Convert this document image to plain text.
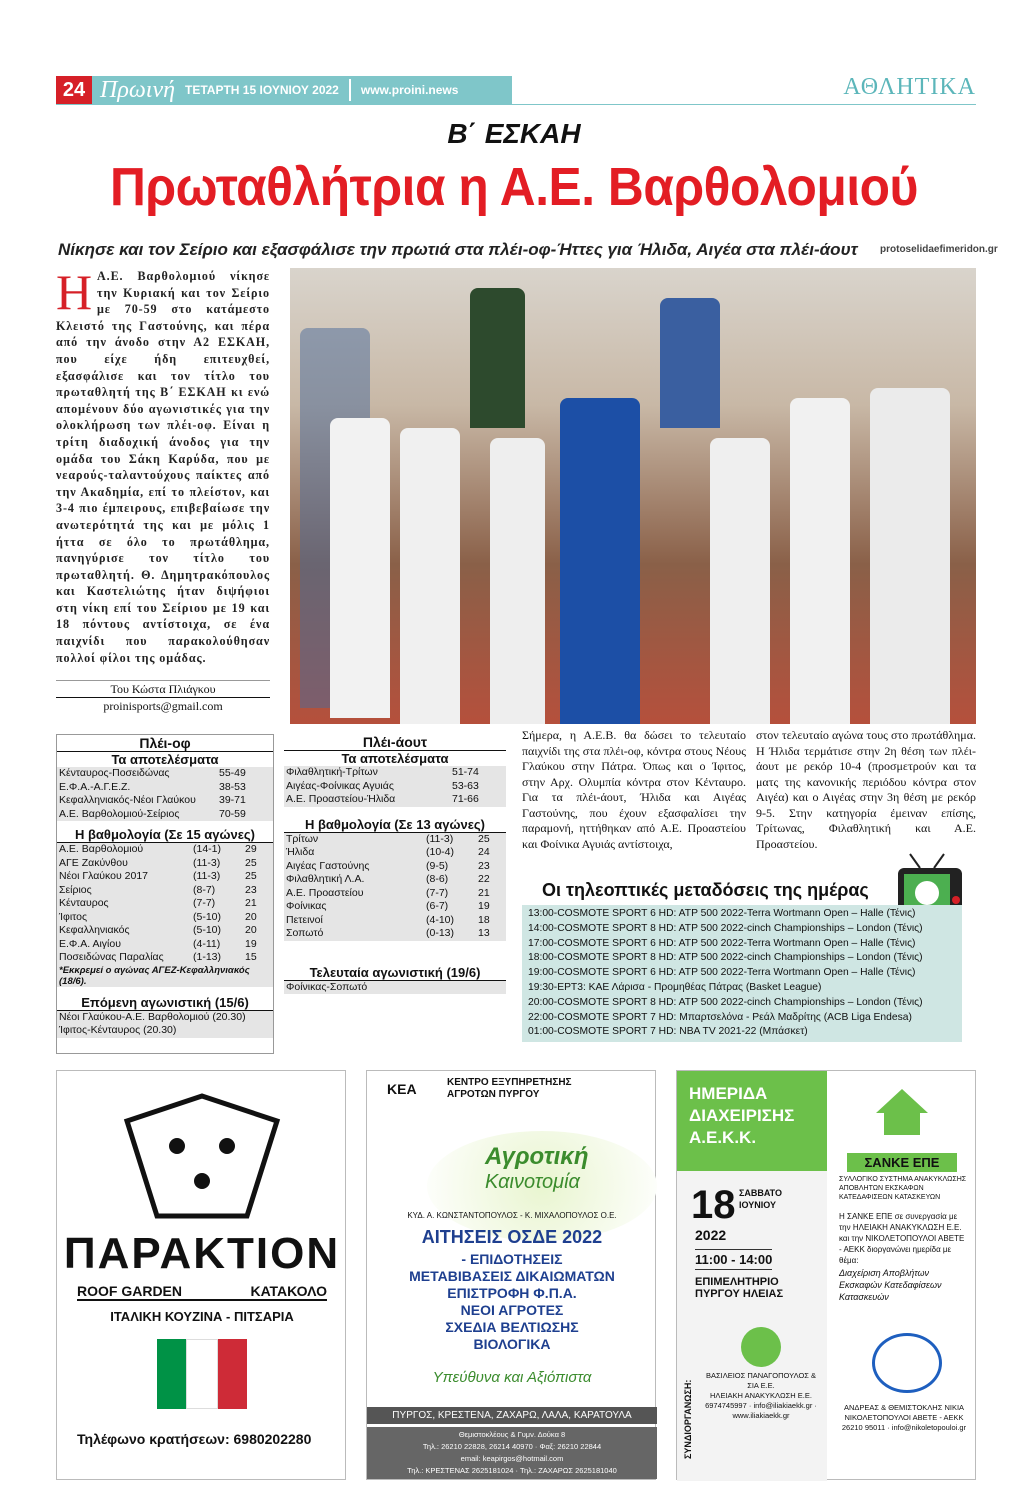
24 Πρωινή ΤΕΤΑΡΤΗ 15 ΙΟΥΝΙΟΥ 2022 www.proini.news	ΑΘΛΗΤΙΚΑ
Β΄ ΕΣΚΑΗ
Πρωταθλήτρια η Α.Ε. Βαρθολομιού
Νίκησε και τον Σείριο και εξασφάλισε την πρωτιά στα πλέι-οφ-Ήττες για Ήλιδα, Αιγέα στα πλέι-άουτ	protoselidaefimeridon.gr
Η Α.Ε. Βαρθολομιού νίκησε την Κυριακή και τον Σείριο με 70-59 στο κατάμεστο Κλειστό της Γαστούνης, και πέρα από την άνοδο στην Α2 ΕΣΚΑΗ, που είχε ήδη επιτευχθεί, εξασφάλισε και τον τίτλο του πρωταθλητή της Β΄ ΕΣΚΑΗ κι ενώ απομένουν δύο αγωνιστικές για την ολοκλήρωση των πλέι-οφ. Είναι η τρίτη διαδοχική άνοδος για την ομάδα του Σάκη Καρύδα, που με νεαρούς-ταλαντούχους παίκτες από την Ακαδημία, επί το πλείστον, και 3-4 πιο έμπειρους, επιβεβαίωσε την ανωτερότητά της και με μόλις 1 ήττα σε όλο το πρωτάθλημα, πανηγύρισε τον τίτλο του πρωταθλητή. Θ. Δημητρακόπουλος και Καστελιώτης ήταν διψήφιοι στη νίκη επί του Σείριου με 19 και 18 πόντους αντίστοιχα, σε ένα παιχνίδι που παρακολούθησαν πολλοί φίλοι της ομάδας.
Του Κώστα Πλιάγκου
proinisports@gmail.com
Πλέι-οφ
Τα αποτελέσματα
Κένταυρος-Ποσειδώνας	55-49
Ε.Φ.Α.-Α.Γ.Ε.Ζ.	38-53
Κεφαλληνιακός-Νέοι Γλαύκου	39-71
Α.Ε. Βαρθολομιού-Σείριος	70-59
Η βαθμολογία (Σε 15 αγώνες)
Α.Ε. Βαρθολομιού	(14-1)	29
ΑΓΕ Ζακύνθου	(11-3)	25
Νέοι Γλαύκου 2017	(11-3)	25
Σείριος	(8-7)	23
Κένταυρος	(7-7)	21
Ίφιτος	(5-10)	20
Κεφαλληνιακός	(5-10)	20
Ε.Φ.Α. Αιγίου	(4-11)	19
Ποσειδώνας Παραλίας	(1-13)	15
*Εκκρεμεί ο αγώνας ΑΓΕΖ-Κεφαλληνιακός (18/6).
Επόμενη αγωνιστική (15/6)
Νέοι Γλαύκου-Α.Ε. Βαρθολομιού (20.30)
Ίφιτος-Κένταυρος (20.30)
Πλέι-άουτ
Τα αποτελέσματα
Φιλαθλητική-Τρίτων	51-74
Αιγέας-Φοίνικας Αγυιάς	53-63
Α.Ε. Προαστείου-Ήλιδα	71-66
Η βαθμολογία (Σε 13 αγώνες)
Τρίτων	(11-3)	25
Ήλιδα	(10-4)	24
Αιγέας Γαστούνης	(9-5)	23
Φιλαθλητική Λ.Α.	(8-6)	22
Α.Ε. Προαστείου	(7-7)	21
Φοίνικας	(6-7)	19
Πετεινοί	(4-10)	18
Σοπωτό	(0-13)	13
Τελευταία αγωνιστική (19/6)
Φοίνικας-Σοπωτό
Σήμερα, η Α.Ε.Β. θα δώσει το τελευταίο παιχνίδι της στα πλέι-οφ, κόντρα στους Νέους Γλαύκου στην Πάτρα. Όπως και ο Ίφιτος, στην Αρχ. Ολυμπία κόντρα στον Κένταυρο. Για τα πλέι-άουτ, Ήλιδα και Αιγέας Γαστούνης, που έχουν εξασφαλίσει την παραμονή, ηττήθηκαν από Α.Ε. Προαστείου και Φοίνικα Αγυιάς αντίστοιχα,
στον τελευταίο αγώνα τους στο πρωτάθλημα. Η Ήλιδα τερμάτισε στην 2η θέση των πλέι-άουτ με ρεκόρ 10-4 (προσμετρούν και τα ματς της κανονικής περιόδου κόντρα στον Αιγέα) και ο Αιγέας στην 3η θέση με ρεκόρ 9-5. Στην κατηγορία έμειναν επίσης, Τρίτωνας, Φιλαθλητική και Α.Ε. Προαστείου.
Οι τηλεοπτικές μεταδόσεις της ημέρας
13:00-COSMOTE SPORT 6 HD: ATP 500 2022-Terra Wortmann Open – Halle (Τένις)
14:00-COSMOTE SPORT 8 HD: ATP 500 2022-cinch Championships – London (Τένις)
17:00-COSMOTE SPORT 6 HD: ATP 500 2022-Terra Wortmann Open – Halle (Τένις)
18:00-COSMOTE SPORT 8 HD: ATP 500 2022-cinch Championships – London (Τένις)
19:00-COSMOTE SPORT 6 HD: ATP 500 2022-Terra Wortmann Open – Halle (Τένις)
19:30-ΕΡΤ3: ΚΑΕ Λάρισα - Προμηθέας Πάτρας (Basket League)
20:00-COSMOTE SPORT 8 HD: ATP 500 2022-cinch Championships – London (Τένις)
22:00-COSMOTE SPORT 7 HD: Μπαρτσελόνα - Ρεάλ Μαδρίτης (ACB Liga Endesa)
01:00-COSMOTE SPORT 7 HD: NBA TV 2021-22 (Μπάσκετ)
ΠΑΡΑΚΤΙΟΝ
ROOF GARDEN	ΚΑΤΑΚΟΛΟ
ΙΤΑΛΙΚΗ ΚΟΥΖΙΝΑ - ΠΙΤΣΑΡΙΑ
Τηλέφωνο κρατήσεων: 6980202280
ΚΕΑ	ΚΕΝΤΡΟ ΕΞΥΠΗΡΕΤΗΣΗΣ ΑΓΡΟΤΩΝ ΠΥΡΓΟΥ
Αγροτική
Καινοτομία
ΚΥΔ. Α. ΚΩΝΣΤΑΝΤΟΠΟΥΛΟΣ - Κ. ΜΙΧΑΛΟΠΟΥΛΟΣ Ο.Ε.
ΑΙΤΗΣΕΙΣ ΟΣΔΕ 2022
- ΕΠΙΔΟΤΗΣΕΙΣ
ΜΕΤΑΒΙΒΑΣΕΙΣ ΔΙΚΑΙΩΜΑΤΩΝ
ΕΠΙΣΤΡΟΦΗ Φ.Π.Α.
ΝΕΟΙ ΑΓΡΟΤΕΣ
ΣΧΕΔΙΑ ΒΕΛΤΙΩΣΗΣ
ΒΙΟΛΟΓΙΚΑ
Υπεύθυνα και Αξιόπιστα
ΠΥΡΓΟΣ, ΚΡΕΣΤΕΝΑ, ΖΑΧΑΡΩ, ΛΑΛΑ, ΚΑΡΑΤΟΥΛΑ
Θεμιστοκλέους & Γυμν. Δούκα 8
Τηλ.: 26210 22828, 26214 40970 · Φαξ: 26210 22844
email: keapirgos@hotmail.com
Τηλ.: ΚΡΕΣΤΕΝΑΣ 2625181024 · Τηλ.: ΖΑΧΑΡΩΣ 2625181040
ΗΜΕΡΙΔΑ ΔΙΑΧΕΙΡΙΣΗΣ Α.Ε.Κ.Κ.
18 ΣΑΒΒΑΤΟ
ΙΟΥΝΙΟΥ
2022
11:00 - 14:00
ΕΠΙΜΕΛΗΤΗΡΙΟ ΠΥΡΓΟΥ ΗΛΕΙΑΣ
ΣΥΝΔΙΟΡΓΑΝΩΣΗ:
ΒΑΣΙΛΕΙΟΣ ΠΑΝΑΓΟΠΟΥΛΟΣ & ΣΙΑ Ε.Ε.
ΗΛΕΙΑΚΗ ΑΝΑΚΥΚΛΩΣΗ Ε.Ε.
6974745997 · info@iliakiaekk.gr · www.iliakiaekk.gr
ΣΑΝΚΕ ΕΠΕ
ΣΥΛΛΟΓΙΚΟ ΣΥΣΤΗΜΑ ΑΝΑΚΥΚΛΩΣΗΣ ΑΠΟΒΛΗΤΩΝ ΕΚΣΚΑΦΩΝ ΚΑΤΕΔΑΦΙΣΕΩΝ ΚΑΤΑΣΚΕΥΩΝ
Η ΣΑΝΚΕ ΕΠΕ σε συνεργασία με την ΗΛΕΙΑΚΗ ΑΝΑΚΥΚΛΩΣΗ Ε.Ε. και την ΝΙΚΟΛΕΤΟΠΟΥΛΟΙ ΑΒΕΤΕ - ΑΕΚΚ διοργανώνει ημερίδα με θέμα:
Διαχείριση Αποβλήτων Εκσκαφών Κατεδαφίσεων Κατασκευών
ΑΝΔΡΕΑΣ & ΘΕΜΙΣΤΟΚΛΗΣ ΝΙΚΙΑ ΝΙΚΟΛΕΤΟΠΟΥΛΟΙ ΑΒΕΤΕ - ΑΕΚΚ
26210 95011 · info@nikoletopouloi.gr
